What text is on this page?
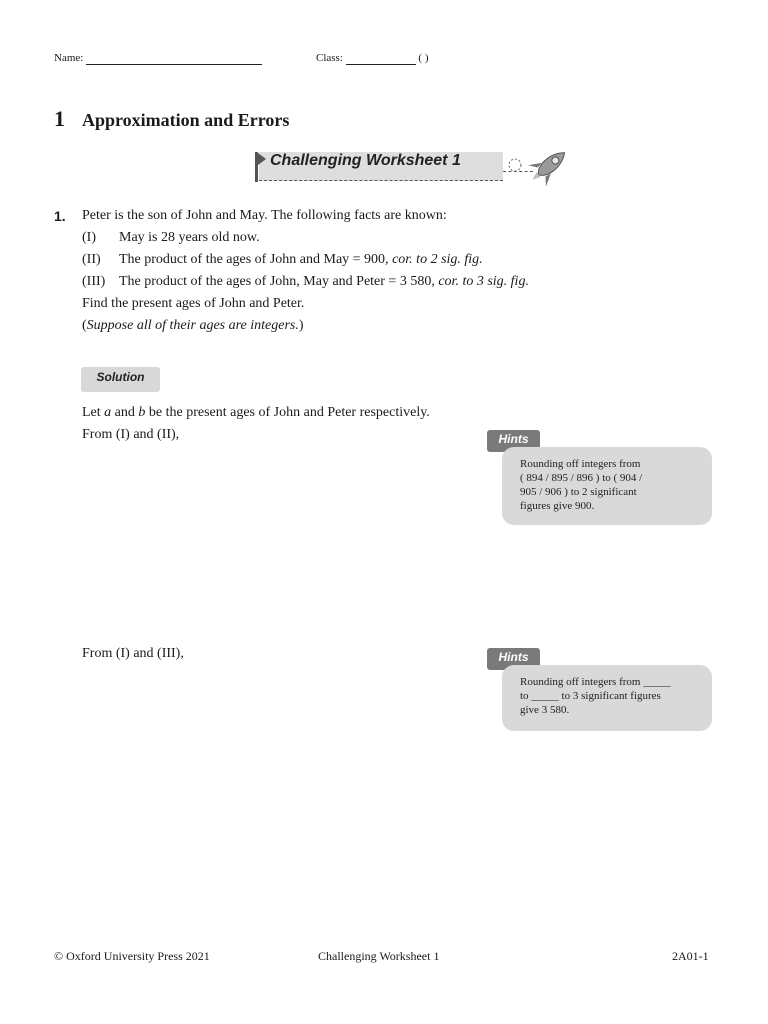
Name:	Class:	( )
1 Approximation and Errors
Challenging Worksheet 1
1. Peter is the son of John and May. The following facts are known:
(I) May is 28 years old now.
(II) The product of the ages of John and May = 900, cor. to 2 sig. fig.
(III) The product of the ages of John, May and Peter = 3 580, cor. to 3 sig. fig.
Find the present ages of John and Peter.
(Suppose all of their ages are integers.)
Solution
Let a and b be the present ages of John and Peter respectively.
From (I) and (II),
From (I) and (III),
Hints
Rounding off integers from
( 894 / 895 / 896 ) to ( 904 /
905 / 906 ) to 2 significant
figures give 900.
Hints
Rounding off integers from _____
to _____ to 3 significant figures
give 3 580.
© Oxford University Press 2021	Challenging Worksheet 1	2A01-1
